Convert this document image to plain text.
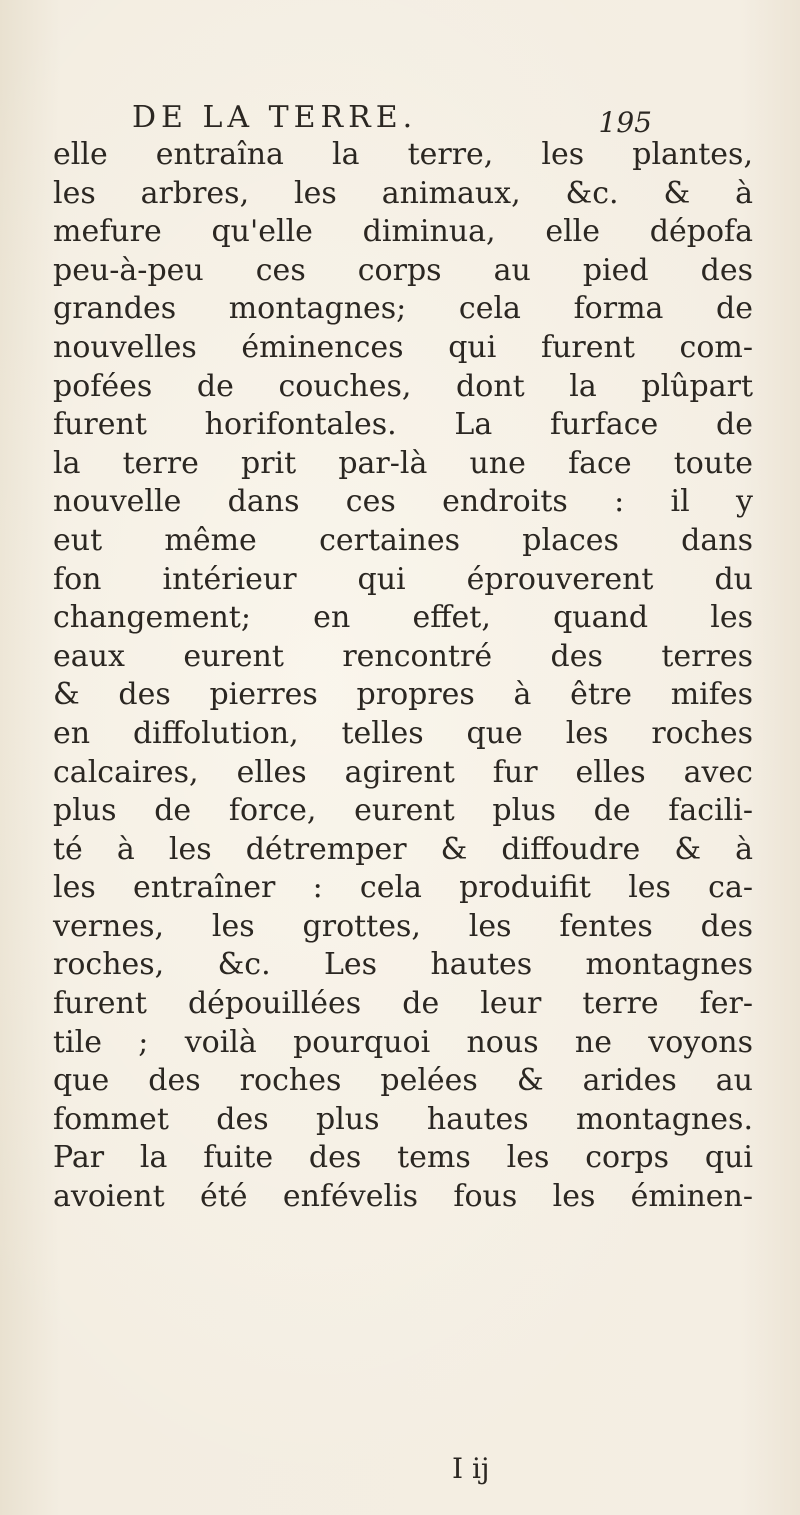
DE LA TERRE.	195
elle entraîna la terre, les plantes,
les arbres, les animaux, &c. & à
mefure qu'elle diminua, elle dépofa
peu-à-peu ces corps au pied des
grandes montagnes; cela forma de
nouvelles éminences qui furent com-
pofées de couches, dont la plûpart
furent horifontales. La furface de
la terre prit par-là une face toute
nouvelle dans ces endroits : il y
eut même certaines places dans
fon intérieur qui éprouverent du
changement; en effet, quand les
eaux eurent rencontré des terres
& des pierres propres à être mifes
en diffolution, telles que les roches
calcaires, elles agirent fur elles avec
plus de force, eurent plus de facili-
té à les détremper & diffoudre & à
les entraîner : cela produifit les ca-
vernes, les grottes, les fentes des
roches, &c. Les hautes montagnes
furent dépouillées de leur terre fer-
tile ; voilà pourquoi nous ne voyons
que des roches pelées & arides au
fommet des plus hautes montagnes.
Par la fuite des tems les corps qui
avoient été enfévelis fous les éminen-
I ij
